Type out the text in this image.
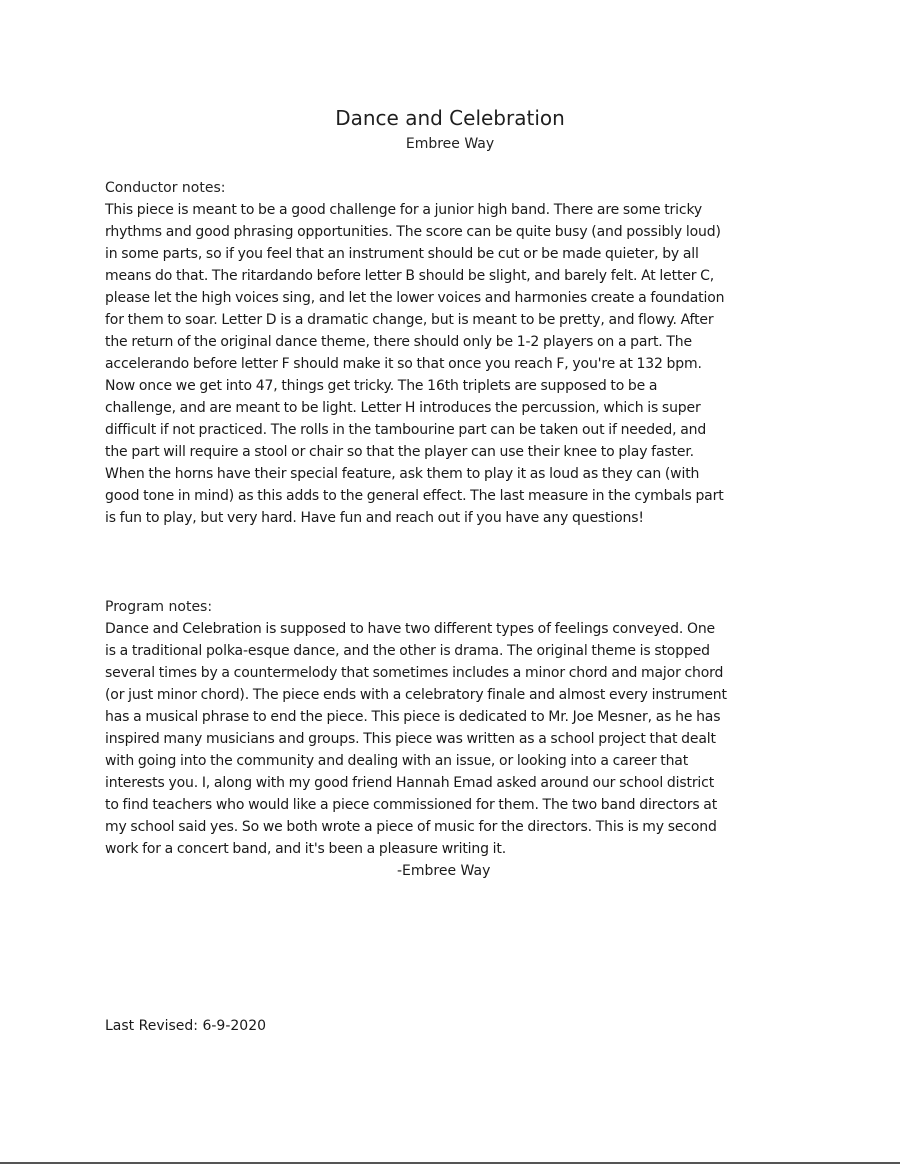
Dance and Celebration
Embree Way
Conductor notes:
This piece is meant to be a good challenge for a junior high band. There are some tricky
rhythms and good phrasing opportunities. The score can be quite busy (and possibly loud)
in some parts, so if you feel that an instrument should be cut or be made quieter, by all
means do that. The ritardando before letter B should be slight, and barely felt. At letter C,
please let the high voices sing, and let the lower voices and harmonies create a foundation
for them to soar. Letter D is a dramatic change, but is meant to be pretty, and flowy. After
the return of the original dance theme, there should only be 1-2 players on a part. The
accelerando before letter F should make it so that once you reach F, you're at 132 bpm.
Now once we get into 47, things get tricky. The 16th triplets are supposed to be a
challenge, and are meant to be light. Letter H introduces the percussion, which is super
difficult if not practiced. The rolls in the tambourine part can be taken out if needed, and
the part will require a stool or chair so that the player can use their knee to play faster.
When the horns have their special feature, ask them to play it as loud as they can (with
good tone in mind) as this adds to the general effect. The last measure in the cymbals part
is fun to play, but very hard. Have fun and reach out if you have any questions!
Program notes:
Dance and Celebration is supposed to have two different types of feelings conveyed. One
is a traditional polka-esque dance, and the other is drama. The original theme is stopped
several times by a countermelody that sometimes includes a minor chord and major chord
(or just minor chord). The piece ends with a celebratory finale and almost every instrument
has a musical phrase to end the piece. This piece is dedicated to Mr. Joe Mesner, as he has
inspired many musicians and groups. This piece was written as a school project that dealt
with going into the community and dealing with an issue, or looking into a career that
interests you. I, along with my good friend Hannah Emad asked around our school district
to find teachers who would like a piece commissioned for them. The two band directors at
my school said yes. So we both wrote a piece of music for the directors. This is my second
work for a concert band, and it's been a pleasure writing it.
-Embree Way
Last Revised: 6-9-2020
